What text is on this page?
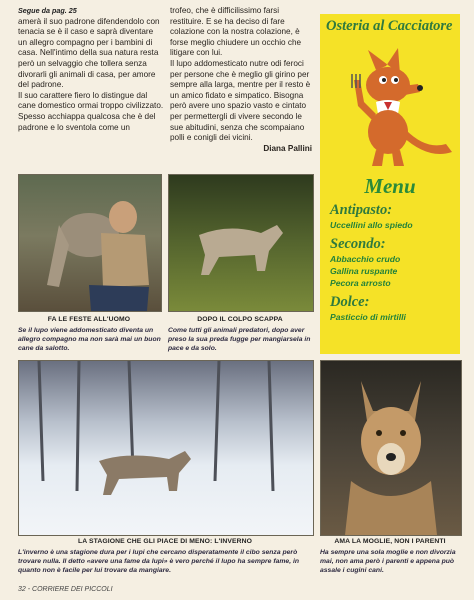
Segue da pag. 25

amerà il suo padrone difendendolo con tenacia se è il caso e saprà diventare un allegro compagno per i bambini di casa. Nell'intimo della sua natura resta però un selvaggio che tollera senza divorarli gli animali di casa, per amore del padrone.

Il suo carattere fiero lo distingue dal cane domestico ormai troppo civilizzato. Spesso acchiappa qualcosa che è del padrone e lo sventola come un

trofeo, che è difficilissimo farsi restituire. E se ha deciso di fare colazione con la nostra colazione, è forse meglio chiudere un occhio che litigare con lui.

Il lupo addomesticato nutre odi feroci per persone che è meglio gli girino per sempre alla larga, mentre per il resto è un amico fidato e simpatico. Bisogna però avere uno spazio vasto e cintato per permettergli di vivere secondo le sue abitudini, senza che scompaiano polli e conigli dei vicini.

Diana Pallini
Osteria al Cacciatore
Menu
Antipasto:
Uccellini allo spiedo
Secondo:
Abbacchio crudo
Gallina ruspante
Pecora arrosto
Dolce:
Pasticcio di mirtilli
FA LE FESTE ALL'UOMO
Se il lupo viene addomesticato diventa un allegro compagno ma non sarà mai un buon cane da salotto.
DOPO IL COLPO SCAPPA
Come tutti gli animali predatori, dopo aver preso la sua preda fugge per mangiarsela in pace e da solo.
LA STAGIONE CHE GLI PIACE DI MENO: L'INVERNO
L'inverno è una stagione dura per i lupi che cercano disperatamente il cibo senza però trovare nulla. Il detto «avere una fame da lupi» è vero perché il lupo ha sempre fame, in quanto non è facile per lui trovare da mangiare.
AMA LA MOGLIE, NON I PARENTI
Ha sempre una sola moglie e non divorzia mai, non ama però i parenti e appena può assale i cugini cani.
32 - CORRIERE DEI PICCOLI
